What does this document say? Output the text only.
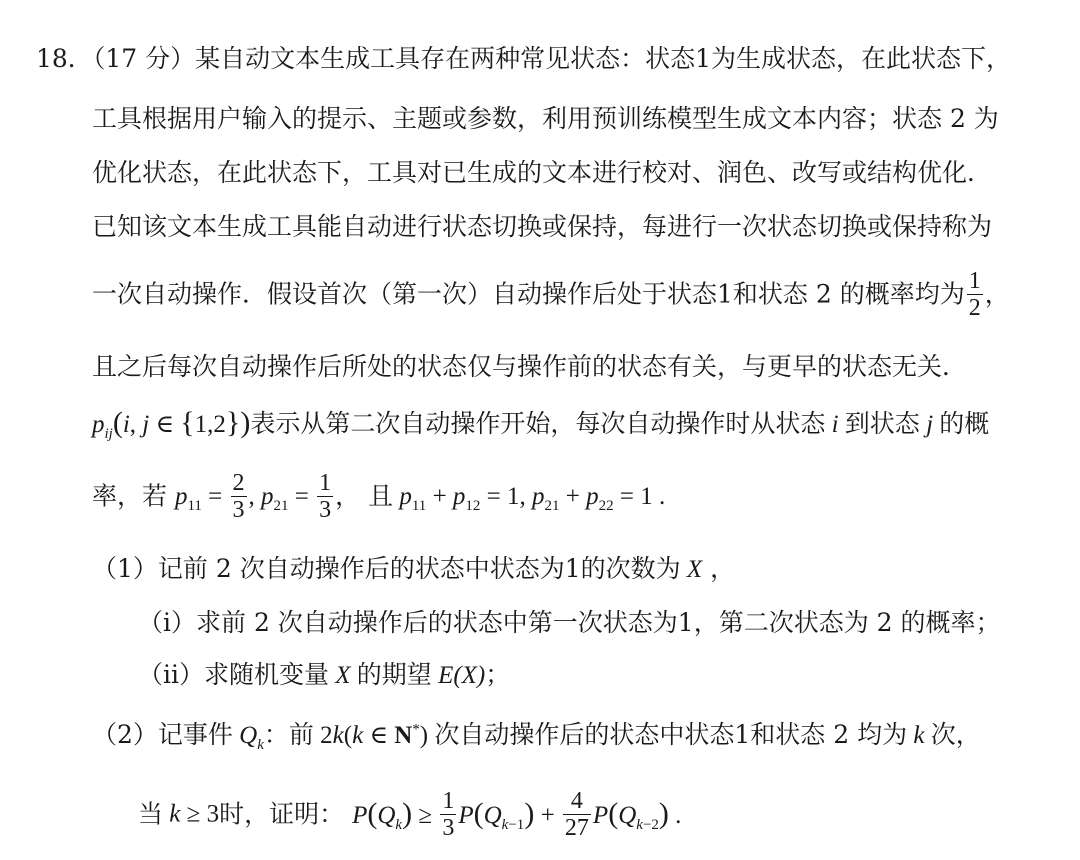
18．（17 分）某自动文本生成工具存在两种常见状态：状态1为生成状态，在此状态下，
工具根据用户输入的提示、主题或参数，利用预训练模型生成文本内容；状态 2 为
优化状态，在此状态下，工具对已生成的文本进行校对、润色、改写或结构优化．
已知该文本生成工具能自动进行状态切换或保持，每进行一次状态切换或保持称为
一次自动操作．假设首次（第一次）自动操作后处于状态1和状态 2 的概率均为 $\frac{1}{2}$ ，
且之后每次自动操作后所处的状态仅与操作前的状态有关，与更早的状态无关．
$p_{ij}(i$, j ∈ {1,2})表示从第二次自动操作开始，每次自动操作时从状态 i 到状态 j 的概
率，若 $p_{11} = \frac{2}{3}$ , $p_{21} = \frac{1}{3}$ ， 且 $p_{11} + p_{12} = 1$, $p_{21} + p_{22} = 1$ .
（1）记前 2 次自动操作后的状态中状态为1的次数为 X ，
（i）求前 2 次自动操作后的状态中第一次状态为1，第二次状态为 2 的概率；
（ii）求随机变量 X 的期望 E(X)；
（2）记事件 $Q_k$：前 2k(k ∈ N*) 次自动操作后的状态中状态1和状态 2 均为 k 次，
当 k ≥ 3时，证明： $P(Q_k) \ge \frac{1}{3} P(Q_{k-1}) + \frac{4}{27} P(Q_{k-2})$ .
